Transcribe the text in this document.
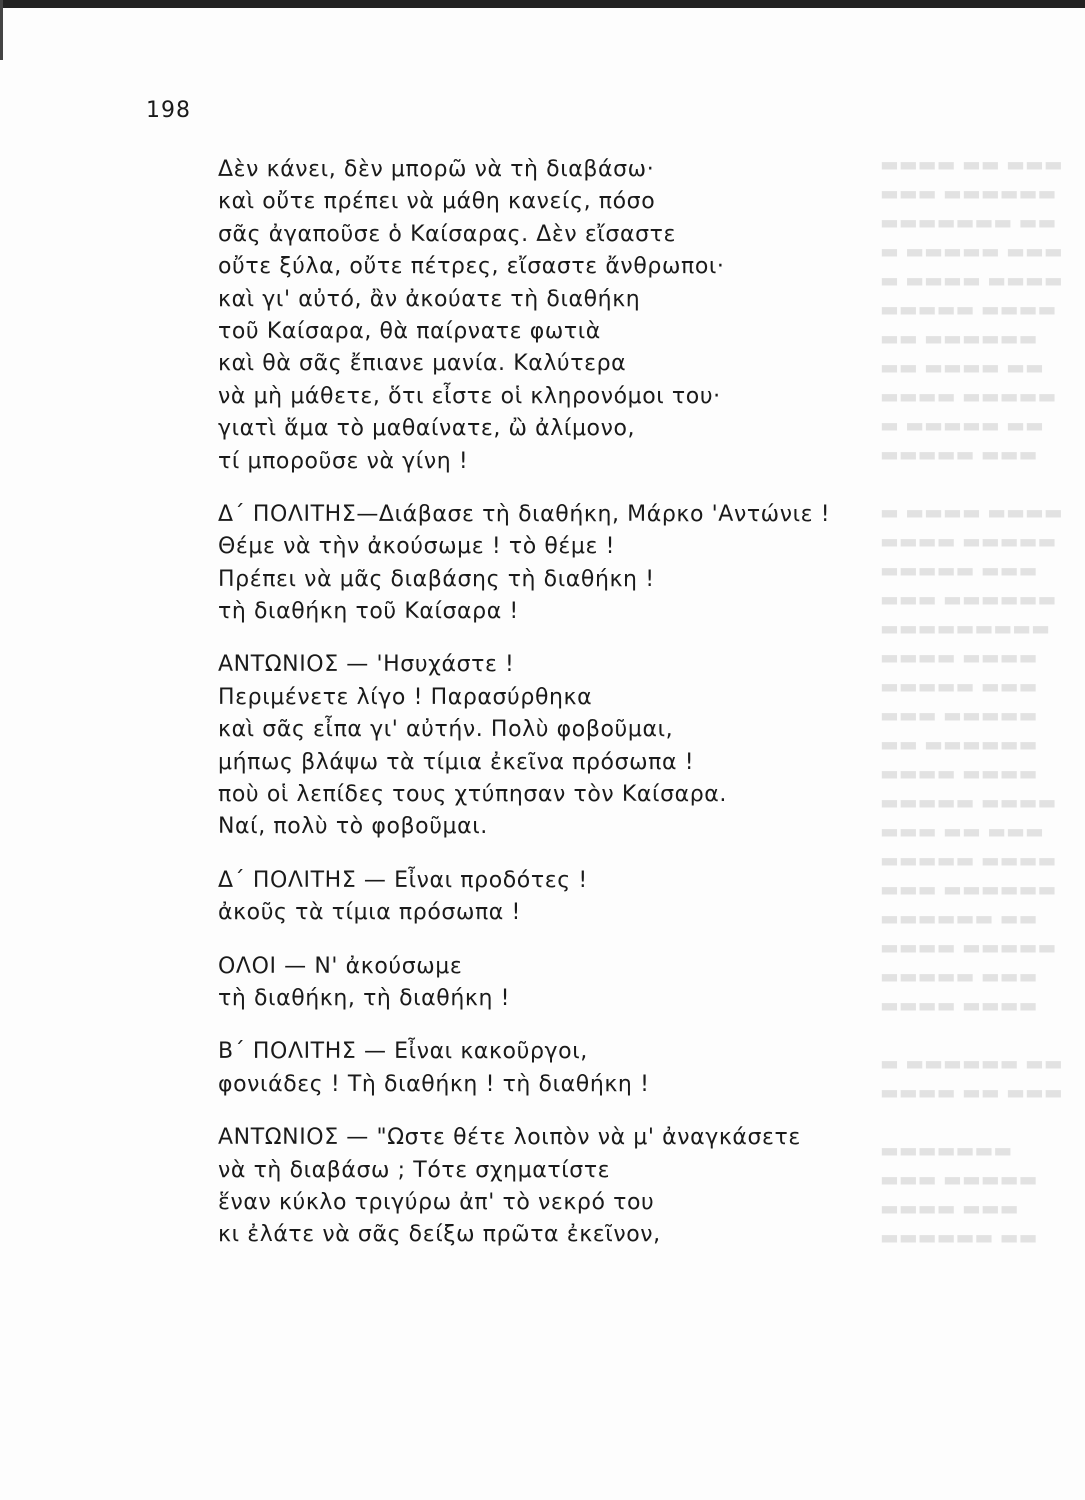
▬▬▬▬ ▬▬ ▬▬▬
▬▬▬ ▬▬▬▬▬▬
▬▬▬▬▬▬▬ ▬▬
▬ ▬▬▬▬▬ ▬▬▬
▬ ▬▬▬▬ ▬▬▬▬
▬▬▬▬▬ ▬▬▬▬
▬▬ ▬▬▬▬▬▬
▬▬ ▬▬▬▬ ▬▬
▬▬▬▬ ▬▬▬▬▬
▬ ▬▬▬▬▬ ▬▬
▬▬▬▬▬ ▬▬▬
▬ ▬▬▬▬ ▬▬▬▬
▬▬▬▬ ▬▬▬▬▬
▬▬▬▬▬ ▬▬▬
▬▬▬ ▬▬▬▬▬▬
▬▬▬▬▬▬▬▬▬
▬▬▬▬ ▬▬▬▬
▬▬▬▬▬ ▬▬▬
▬▬▬ ▬▬▬▬▬
▬▬ ▬▬▬▬▬▬
▬▬▬▬ ▬▬▬▬
▬▬▬▬▬ ▬▬▬▬
▬▬▬ ▬▬ ▬▬▬
▬▬▬▬▬ ▬▬▬▬
▬▬▬ ▬▬▬▬▬▬
▬▬▬▬▬▬ ▬▬
▬▬▬▬ ▬▬▬▬▬
▬▬▬▬▬ ▬▬▬
▬▬▬▬ ▬▬▬▬
▬ ▬▬▬▬▬▬ ▬▬
▬▬▬▬ ▬▬ ▬▬▬
▬▬▬▬▬▬▬
▬▬▬ ▬▬▬▬▬
▬▬▬▬ ▬▬▬
▬▬▬▬▬▬ ▬▬
198
Δὲν κάνει, δὲν μπορῶ νὰ τὴ διαβάσω·
καὶ οὔτε πρέπει νὰ μάθη κανείς, πόσο
σᾶς ἀγαποῦσε ὁ Καίσαρας. Δὲν εἴσαστε
οὔτε ξύλα, οὔτε πέτρες, εἴσαστε ἄνθρωποι·
καὶ γι' αὐτό, ἂν ἀκούατε τὴ διαθήκη
τοῦ Καίσαρα, θὰ παίρνατε φωτιὰ
καὶ θὰ σᾶς ἔπιανε μανία. Καλύτερα
νὰ μὴ μάθετε, ὅτι εἶστε οἱ κληρονόμοι του·
γιατὶ ἅμα τὸ μαθαίνατε, ὢ ἀλίμονο,
τί μποροῦσε νὰ γίνη !
Δ΄ ΠΟΛΙΤΗΣ—Διάβασε τὴ διαθήκη, Μάρκο 'Αντώνιε !
Θέμε νὰ τὴν ἀκούσωμε ! τὸ θέμε !
Πρέπει νὰ μᾶς διαβάσης τὴ διαθήκη !
τὴ διαθήκη τοῦ Καίσαρα !
ΑΝΤΩΝΙΟΣ — 'Ησυχάστε !
Περιμένετε λίγο ! Παρασύρθηκα
καὶ σᾶς εἶπα γι' αὐτήν. Πολὺ φοβοῦμαι,
μήπως βλάψω τὰ τίμια ἐκεῖνα πρόσωπα !
ποὺ οἱ λεπίδες τους χτύπησαν τὸν Καίσαρα.
Ναί, πολὺ τὸ φοβοῦμαι.
Δ΄ ΠΟΛΙΤΗΣ — Εἶναι προδότες !
ἀκοῦς τὰ τίμια πρόσωπα !
ΟΛΟΙ — Ν' ἀκούσωμε
τὴ διαθήκη, τὴ διαθήκη !
Β΄ ΠΟΛΙΤΗΣ — Εἶναι κακοῦργοι,
φονιάδες ! Τὴ διαθήκη ! τὴ διαθήκη !
ΑΝΤΩΝΙΟΣ — "Ωστε θέτε λοιπὸν νὰ μ' ἀναγκάσετε
νὰ τὴ διαβάσω ; Τότε σχηματίστε
ἕναν κύκλο τριγύρω ἀπ' τὸ νεκρό του
κι ἐλάτε νὰ σᾶς δείξω πρῶτα ἐκεῖνον,
